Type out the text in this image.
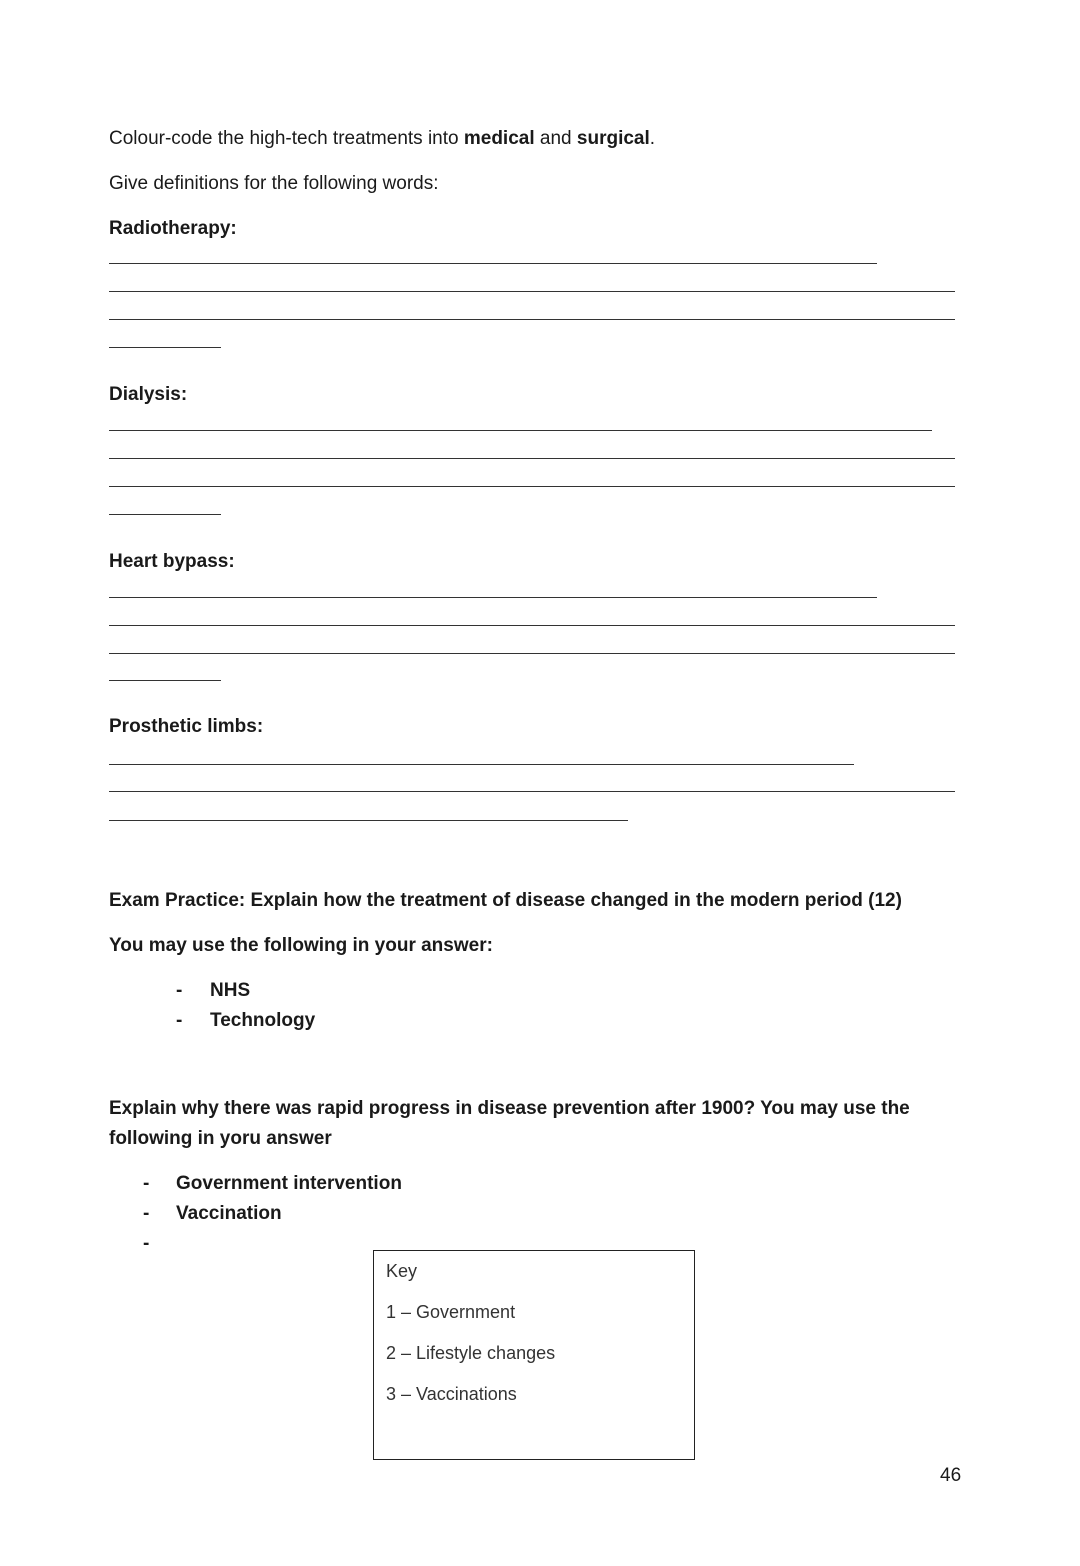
Colour-code the high-tech treatments into medical and surgical.
Give definitions for the following words:
Radiotherapy:
Dialysis:
Heart bypass:
Prosthetic limbs:
Exam Practice: Explain how the treatment of disease changed in the modern period (12)
You may use the following in your answer:
- NHS
- Technology
Explain why there was rapid progress in disease prevention after 1900? You may use the
following in yoru answer
- Government intervention
- Vaccination
-
Key
1 – Government
2 – Lifestyle changes
3 – Vaccinations
46
